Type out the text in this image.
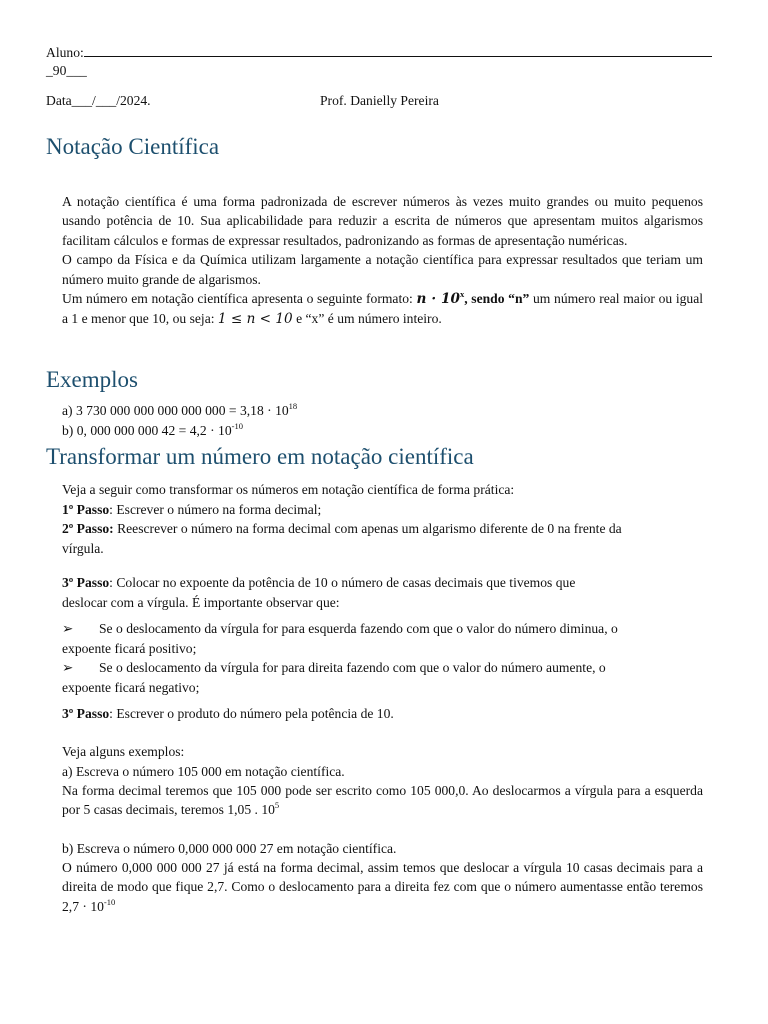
Aluno:
_90___
Data___/___/2024.	Prof. Danielly Pereira
Notação Científica

A notação científica é uma forma padronizada de escrever números às vezes muito grandes ou muito pequenos usando potência de 10. Sua aplicabilidade para reduzir a escrita de números que apresentam muitos algarismos facilitam cálculos e formas de expressar resultados, padronizando as formas de apresentação numéricas.

O campo da Física e da Química utilizam largamente a notação científica para expressar resultados que teriam um número muito grande de algarismos.

Um número em notação científica apresenta o seguinte formato: $n \cdot 10^x$, sendo “n” um número real maior ou igual a 1 e menor que 10, ou seja: 1 ≤ n < 10 e “x” é um número inteiro.

Exemplos

a) 3 730 000 000 000 000 $000 = 3,18 \cdot 10^{18}$

b) 0, 000 000 000 $42 = 4,2 \cdot 10^{-10}$

Transformar um número em notação científica

Veja a seguir como transformar os números em notação científica de forma prática:

1º Passo: Escrever o número na forma decimal;

2º Passo: Reescrever o número na forma decimal com apenas um algarismo diferente de 0 na frente da

vírgula.

3º Passo: Colocar no expoente da potência de 10 o número de casas decimais que tivemos que

deslocar com a vírgula. É importante observar que:

➢	Se o deslocamento da vírgula for para esquerda fazendo com que o valor do número diminua, o

expoente ficará positivo;

➢	Se o deslocamento da vírgula for para direita fazendo com que o valor do número aumente, o

expoente ficará negativo;

3º Passo: Escrever o produto do número pela potência de 10.

Veja alguns exemplos:

a) Escreva o número 105 000 em notação científica.

Na forma decimal teremos que 105 000 pode ser escrito como 105 000,0. Ao deslocarmos a vírgula para a esquerda por 5 casas decimais, teremos 1,05 . $10^5$

b) Escreva o número 0,000 000 000 27 em notação científica.

O número 0,000 000 000 27 já está na forma decimal, assim temos que deslocar a vírgula 10 casas decimais para a direita de modo que fique 2,7. Como o deslocamento para a direita fez com que o número aumentasse então teremos $2,7 \cdot 10^{-10}$
